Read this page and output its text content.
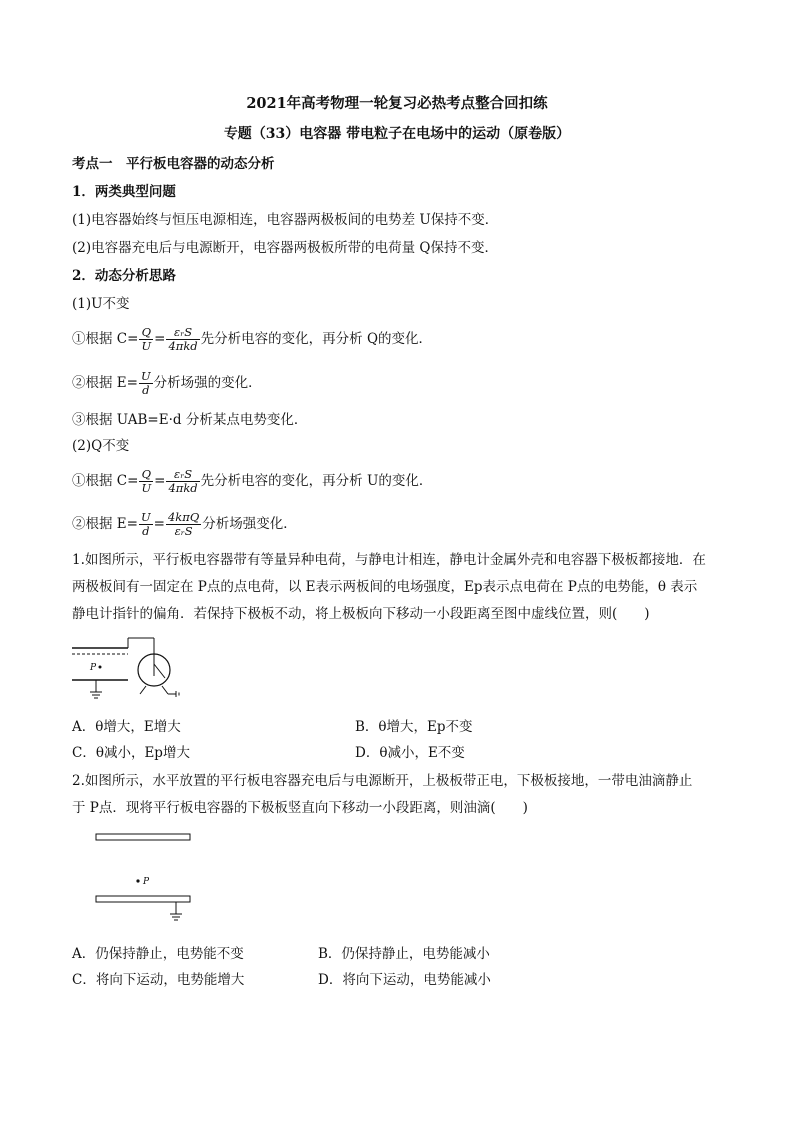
2021年高考物理一轮复习必热考点整合回扣练
专题（33）电容器 带电粒子在电场中的运动（原卷版）
考点一　平行板电容器的动态分析
1．两类典型问题
(1)电容器始终与恒压电源相连，电容器两极板间的电势差 U保持不变．
(2)电容器充电后与电源断开，电容器两极板所带的电荷量 Q保持不变．
2．动态分析思路
(1)U不变
①根据 $C= \frac{Q}{U} = \frac{\text{εᵣS}}{\text{4πkd}}$ 先分析电容的变化，再分析 Q的变化．
②根据 $E= \frac{U}{d}$ 分析场强的变化．
③根据 UAB=E·d 分析某点电势变化．
(2)Q不变
①根据 $C= \frac{Q}{U} = \frac{\text{εᵣS}}{\text{4πkd}}$ 先分析电容的变化，再分析 U的变化．
②根据 $E= \frac{U}{d} = \frac{\text{4kπQ}}{\text{εᵣS}}$ 分析场强变化．
1.如图所示，平行板电容器带有等量异种电荷，与静电计相连，静电计金属外壳和电容器下极板都接地．在
两极板间有一固定在 P点的点电荷，以 E表示两板间的电场强度，Ep表示点电荷在 P点的电势能，θ 表示
静电计指针的偏角．若保持下极板不动，将上极板向下移动一小段距离至图中虚线位置，则(　　)
P
A．θ增大，E增大	B．θ增大，Ep不变
C．θ减小，Ep增大	D．θ减小，E不变
2.如图所示，水平放置的平行板电容器充电后与电源断开，上极板带正电，下极板接地，一带电油滴静止
于 P点．现将平行板电容器的下极板竖直向下移动一小段距离，则油滴(　　)
P
A．仍保持静止，电势能不变	B．仍保持静止，电势能减小
C．将向下运动，电势能增大	D．将向下运动，电势能减小
